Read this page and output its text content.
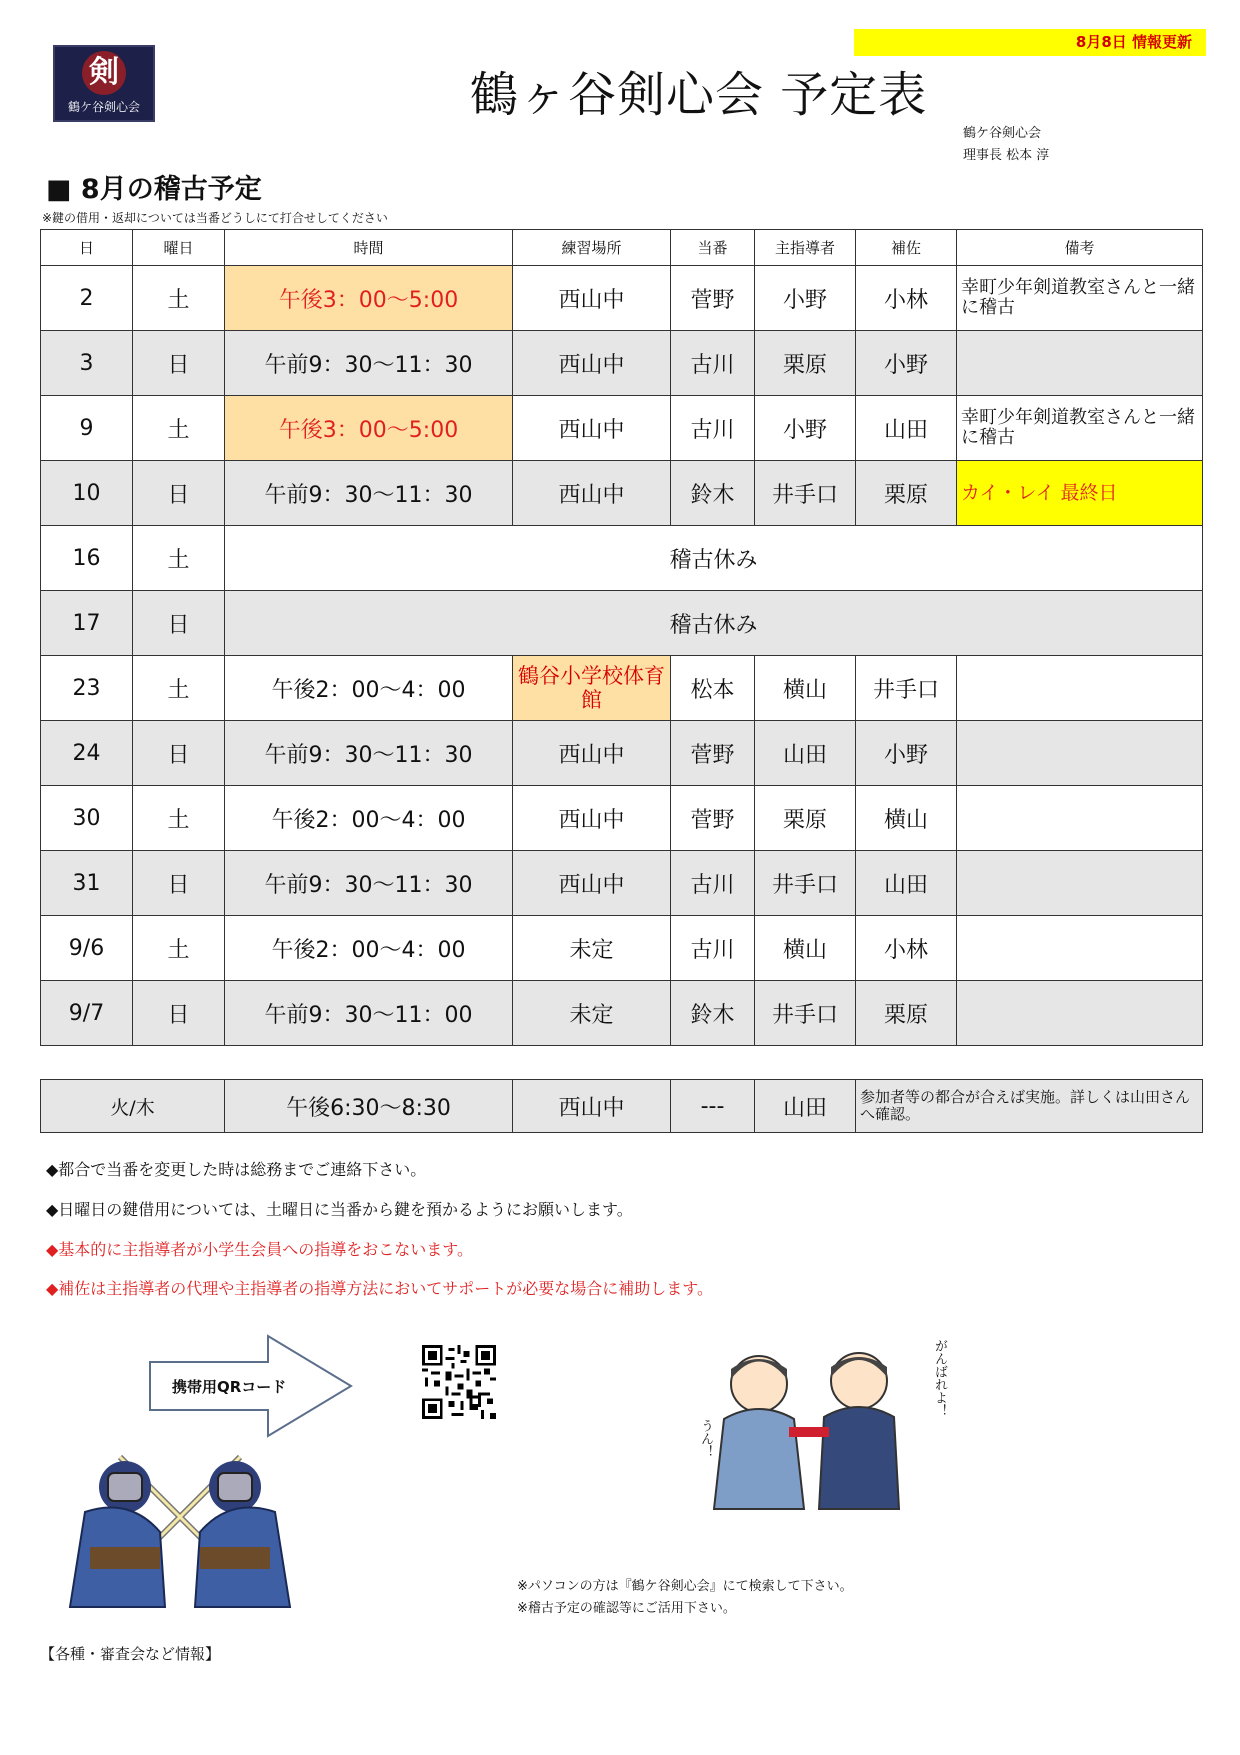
8月8日 情報更新
剣
鶴ケ谷剣心会	鶴ヶ谷剣心会 予定表
鶴ケ谷剣心会
理事長 松本 淳
■ 8月の稽古予定
※鍵の借用・返却については当番どうしにて打合せしてください
日	曜日	時間	練習場所	当番	主指導者	補佐	備考
2	土	午後3：00〜5:00	西山中	菅野	小野	小林	幸町少年剣道教室さんと一緒に稽古
3	日	午前9：30〜11：30	西山中	古川	栗原	小野	
9	土	午後3：00〜5:00	西山中	古川	小野	山田	幸町少年剣道教室さんと一緒に稽古
10	日	午前9：30〜11：30	西山中	鈴木	井手口	栗原	カイ・レイ 最終日
16	土	稽古休み					
17	日	稽古休み					
23	土	午後2：00〜4：00	鶴谷小学校体育館	松本	横山	井手口	
24	日	午前9：30〜11：30	西山中	菅野	山田	小野	
30	土	午後2：00〜4：00	西山中	菅野	栗原	横山	
31	日	午前9：30〜11：30	西山中	古川	井手口	山田	
9/6	土	午後2：00〜4：00	未定	古川	横山	小林	
9/7	日	午前9：30〜11：00	未定	鈴木	井手口	栗原	
火/木	午後6:30〜8:30	西山中	---	山田	参加者等の都合が合えば実施。詳しくは山田さんへ確認。
◆都合で当番を変更した時は総務までご連絡下さい。
◆日曜日の鍵借用については、土曜日に当番から鍵を預かるようにお願いします。
◆基本的に主指導者が小学生会員への指導をおこないます。
◆補佐は主指導者の代理や主指導者の指導方法においてサポートが必要な場合に補助します。
携帯用QRコード
うん！
がんばれよ！
※パソコンの方は『鶴ケ谷剣心会』にて検索して下さい。
※稽古予定の確認等にご活用下さい。
【各種・審査会など情報】
